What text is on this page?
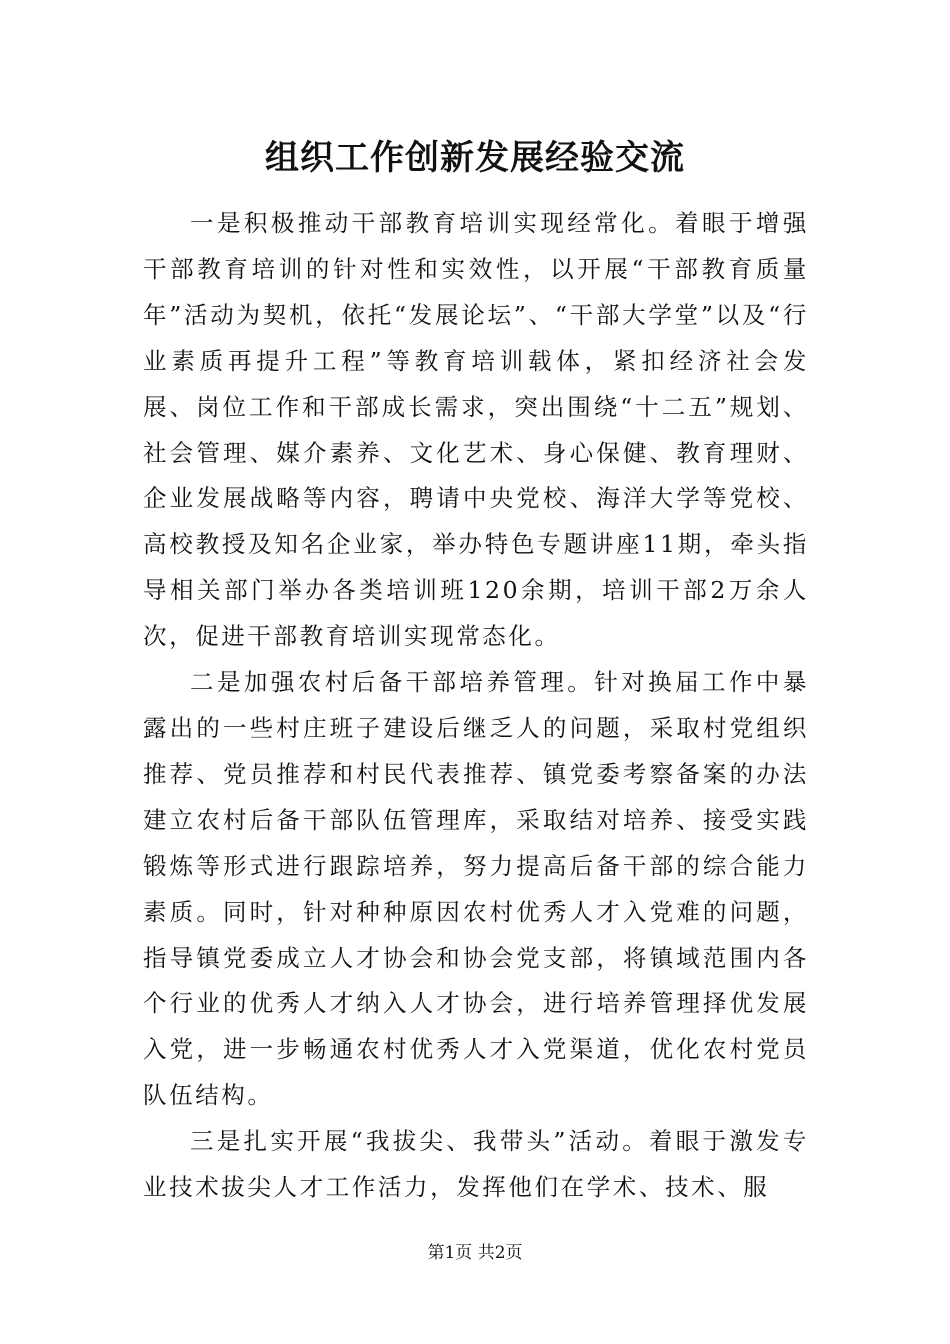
组织工作创新发展经验交流

一是积极推动干部教育培训实现经常化。着眼于增强干部教育培训的针对性和实效性，以开展“干部教育质量年”活动为契机，依托“发展论坛”、“干部大学堂”以及“行业素质再提升工程”等教育培训载体，紧扣经济社会发展、岗位工作和干部成长需求，突出围绕“十二五”规划、社会管理、媒介素养、文化艺术、身心保健、教育理财、企业发展战略等内容，聘请中央党校、海洋大学等党校、高校教授及知名企业家，举办特色专题讲座11期，牵头指导相关部门举办各类培训班120余期，培训干部2万余人次，促进干部教育培训实现常态化。

二是加强农村后备干部培养管理。针对换届工作中暴露出的一些村庄班子建设后继乏人的问题，采取村党组织推荐、党员推荐和村民代表推荐、镇党委考察备案的办法建立农村后备干部队伍管理库，采取结对培养、接受实践锻炼等形式进行跟踪培养，努力提高后备干部的综合能力素质。同时，针对种种原因农村优秀人才入党难的问题，指导镇党委成立人才协会和协会党支部，将镇域范围内各个行业的优秀人才纳入人才协会，进行培养管理择优发展入党，进一步畅通农村优秀人才入党渠道，优化农村党员队伍结构。

三是扎实开展“我拔尖、我带头”活动。着眼于激发专业技术拔尖人才工作活力，发挥他们在学术、技术、服

第1页 共2页
